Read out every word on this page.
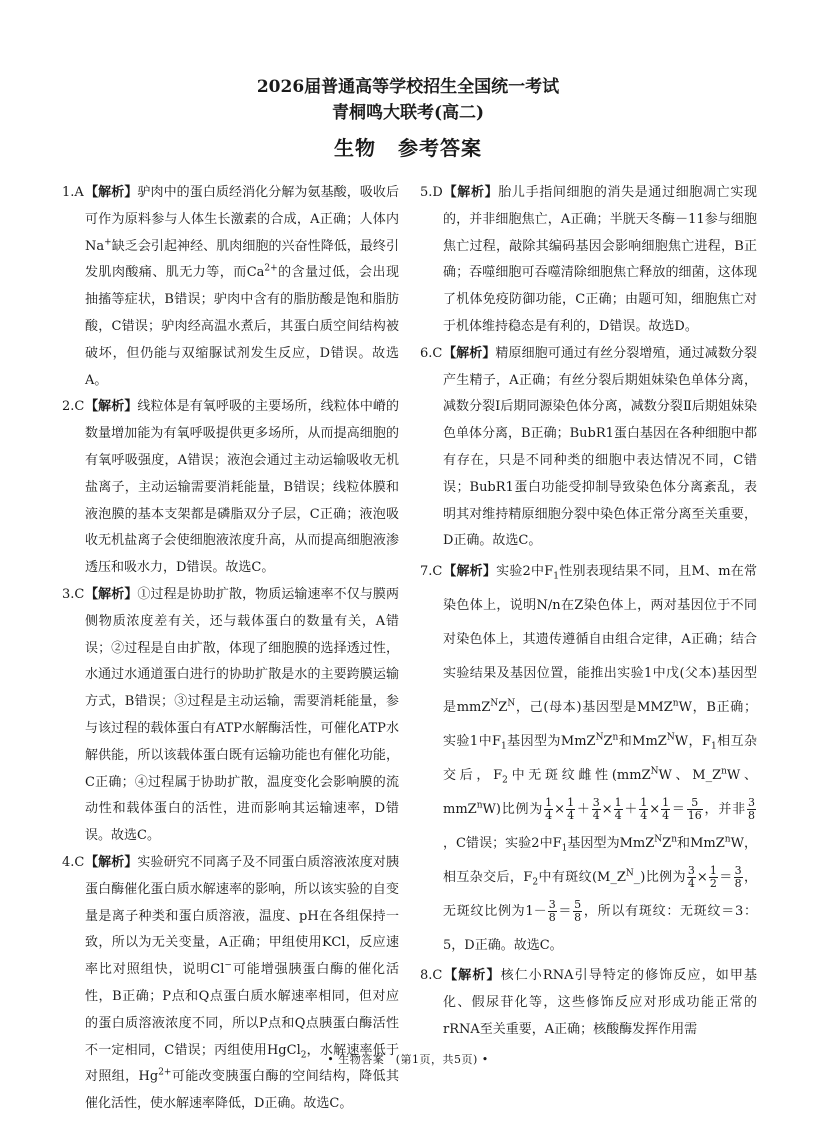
2026届普通高等学校招生全国统一考试
青桐鸣大联考(高二)
生物 参考答案

1.A【解析】驴肉中的蛋白质经消化分解为氨基酸，吸收后可作为原料参与人体生长激素的合成，A正确；人体内Na+缺乏会引起神经、肌肉细胞的兴奋性降低，最终引发肌肉酸痛、肌无力等，而$Ca^{2+}$的含量过低，会出现抽搐等症状，B错误；驴肉中含有的脂肪酸是饱和脂肪酸，C错误；驴肉经高温水煮后，其蛋白质空间结构被破坏，但仍能与双缩脲试剂发生反应，D错误。故选A。

2.C【解析】线粒体是有氧呼吸的主要场所，线粒体中嵴的数量增加能为有氧呼吸提供更多场所，从而提高细胞的有氧呼吸强度，A错误；液泡会通过主动运输吸收无机盐离子，主动运输需要消耗能量，B错误；线粒体膜和液泡膜的基本支架都是磷脂双分子层，C正确；液泡吸收无机盐离子会使细胞液浓度升高，从而提高细胞液渗透压和吸水力，D错误。故选C。

3.C【解析】①过程是协助扩散，物质运输速率不仅与膜两侧物质浓度差有关，还与载体蛋白的数量有关，A错误；②过程是自由扩散，体现了细胞膜的选择透过性，水通过水通道蛋白进行的协助扩散是水的主要跨膜运输方式，B错误；③过程是主动运输，需要消耗能量，参与该过程的载体蛋白有ATP水解酶活性，可催化ATP水解供能，所以该载体蛋白既有运输功能也有催化功能，C正确；④过程属于协助扩散，温度变化会影响膜的流动性和载体蛋白的活性，进而影响其运输速率，D错误。故选C。

4.C【解析】实验研究不同离子及不同蛋白质溶液浓度对胰蛋白酶催化蛋白质水解速率的影响，所以该实验的自变量是离子种类和蛋白质溶液，温度、pH在各组保持一致，所以为无关变量，A正确；甲组使用KCl，反应速率比对照组快，说明Cl−可能增强胰蛋白酶的催化活性，B正确；P点和Q点蛋白质水解速率相同，但对应的蛋白质溶液浓度不同，所以P点和Q点胰蛋白酶活性不一定相同，C错误；丙组使用HgCl$_2$，水解速率低于对照组，$Hg^{2+}$可能改变胰蛋白酶的空间结构，降低其催化活性，使水解速率降低，D正确。故选C。

5.D【解析】胎儿手指间细胞的消失是通过细胞凋亡实现的，并非细胞焦亡，A正确；半胱天冬酶－11参与细胞焦亡过程，敲除其编码基因会影响细胞焦亡进程，B正确；吞噬细胞可吞噬清除细胞焦亡释放的细菌，这体现了机体免疫防御功能，C正确；由题可知，细胞焦亡对于机体维持稳态是有利的，D错误。故选D。

6.C【解析】精原细胞可通过有丝分裂增殖，通过减数分裂产生精子，A正确；有丝分裂后期姐妹染色单体分离，减数分裂Ⅰ后期同源染色体分离，减数分裂Ⅱ后期姐妹染色单体分离，B正确；BubR1蛋白基因在各种细胞中都有存在，只是不同种类的细胞中表达情况不同，C错误；BubR1蛋白功能受抑制导致染色体分离紊乱，表明其对维持精原细胞分裂中染色体正常分离至关重要，D正确。故选C。

7.C【解析】实验2中$F_1$性别表现结果不同，且M、m在常染色体上，说明N/n在Z染色体上，两对基因位于不同对染色体上，其遗传遵循自由组合定律，A正确；结合实验结果及基因位置，能推出实验1中戊(父本)基因型是$mmZ^NZ^N$，己(母本)基因型是MMZ$^n$W，B正确；实验1中$F_1$基因型为$MmZ^NZ^n$和MmZ$^N$W，$F_1$相互杂交后，$F_2$中无斑纹雌性(mmZ$^N$W、$M\_Z^nW$、mmZ$^n$W)比例为 $\frac{1}{4} \times \frac{1}{4} + \frac{3}{4} \times \frac{1}{4} + \frac{1}{4} \times \frac{1}{4} = \frac{5}{16}$ ，并非 $\frac{3}{8}$
，C错误；实验2中$F_1$基因型为$MmZ^NZ^n$和MmZ$^n$W，相互杂交后，$F_2$中有斑纹$(M\_Z^N\_)$比例为 $\frac{3}{4} \times \frac{1}{2} = \frac{3}{8}$ ，无斑纹比例为$1- \frac{3}{8} = \frac{5}{8}$ ，所以有斑纹：无斑纹＝3：5，D正确。故选C。

8.C【解析】核仁小RNA引导特定的修饰反应，如甲基化、假尿苷化等，这些修饰反应对形成功能正常的rRNA至关重要，A正确；核酸酶发挥作用需

• 生物答案　(第1页，共5页) •
